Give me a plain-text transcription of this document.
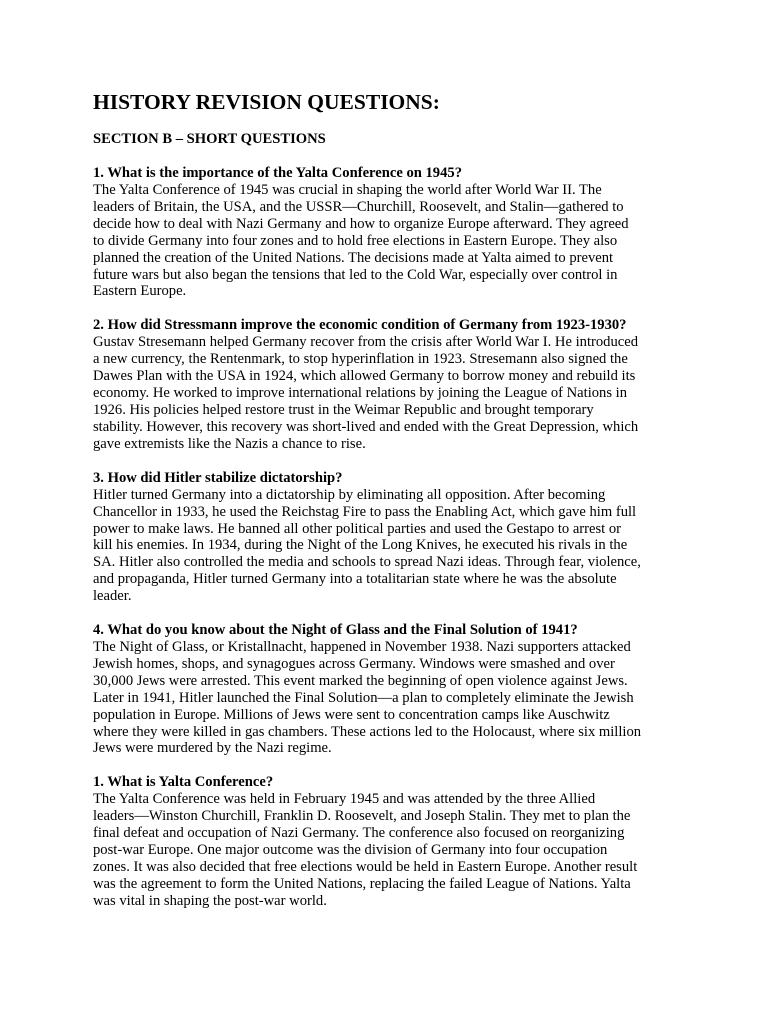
HISTORY REVISION QUESTIONS:
SECTION B – SHORT QUESTIONS

1. What is the importance of the Yalta Conference on 1945?

The Yalta Conference of 1945 was crucial in shaping the world after World War II. The
leaders of Britain, the USA, and the USSR—Churchill, Roosevelt, and Stalin—gathered to
decide how to deal with Nazi Germany and how to organize Europe afterward. They agreed
to divide Germany into four zones and to hold free elections in Eastern Europe. They also
planned the creation of the United Nations. The decisions made at Yalta aimed to prevent
future wars but also began the tensions that led to the Cold War, especially over control in
Eastern Europe.

2. How did Stressmann improve the economic condition of Germany from 1923-1930?

Gustav Stresemann helped Germany recover from the crisis after World War I. He introduced
a new currency, the Rentenmark, to stop hyperinflation in 1923. Stresemann also signed the
Dawes Plan with the USA in 1924, which allowed Germany to borrow money and rebuild its
economy. He worked to improve international relations by joining the League of Nations in
1926. His policies helped restore trust in the Weimar Republic and brought temporary
stability. However, this recovery was short-lived and ended with the Great Depression, which
gave extremists like the Nazis a chance to rise.

3. How did Hitler stabilize dictatorship?

Hitler turned Germany into a dictatorship by eliminating all opposition. After becoming
Chancellor in 1933, he used the Reichstag Fire to pass the Enabling Act, which gave him full
power to make laws. He banned all other political parties and used the Gestapo to arrest or
kill his enemies. In 1934, during the Night of the Long Knives, he executed his rivals in the
SA. Hitler also controlled the media and schools to spread Nazi ideas. Through fear, violence,
and propaganda, Hitler turned Germany into a totalitarian state where he was the absolute
leader.

4. What do you know about the Night of Glass and the Final Solution of 1941?

The Night of Glass, or Kristallnacht, happened in November 1938. Nazi supporters attacked
Jewish homes, shops, and synagogues across Germany. Windows were smashed and over
30,000 Jews were arrested. This event marked the beginning of open violence against Jews.
Later in 1941, Hitler launched the Final Solution—a plan to completely eliminate the Jewish
population in Europe. Millions of Jews were sent to concentration camps like Auschwitz
where they were killed in gas chambers. These actions led to the Holocaust, where six million
Jews were murdered by the Nazi regime.

1. What is Yalta Conference?

The Yalta Conference was held in February 1945 and was attended by the three Allied
leaders—Winston Churchill, Franklin D. Roosevelt, and Joseph Stalin. They met to plan the
final defeat and occupation of Nazi Germany. The conference also focused on reorganizing
post-war Europe. One major outcome was the division of Germany into four occupation
zones. It was also decided that free elections would be held in Eastern Europe. Another result
was the agreement to form the United Nations, replacing the failed League of Nations. Yalta
was vital in shaping the post-war world.
